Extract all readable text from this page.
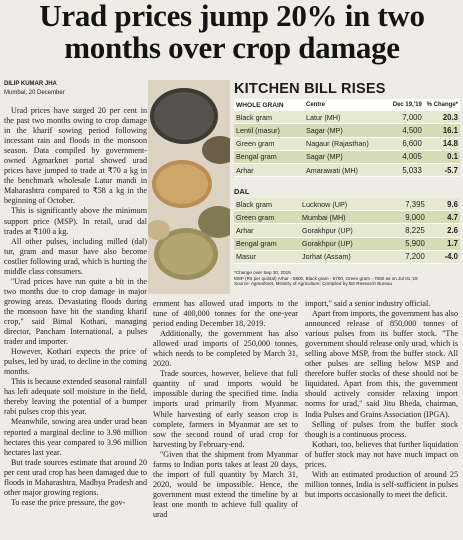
Urad prices jump 20% in two months over crop damage
DILIP KUMAR JHA
Mumbai, 20 December

Urad prices have surged 20 per cent in the past two months owing to crop damage in the kharif sowing period following incessant rain and floods in the monsoon season. Data compiled by government-owned Agmarknet portal showed urad prices have jumped to trade at ₹70 a kg in the benchmark wholesale Latur mandi in Maharashtra compared to ₹58 a kg in the beginning of October.

This is significantly above the minimum support price (MSP). In retail, urad dal trades at ₹100 a kg.

All other pulses, including milled (dal) tur, gram and masur have also become costlier following urad, which is hurting the middle class consumers.

"Urad prices have run quite a bit in the two months due to crop damage in major growing areas. Devastating floods during the monsoon have hit the standing kharif crop," said Bimal Kothari, managing director, Pancham International, a pulses trader and importer.

However, Kothari expects the price of pulses, led by urad, to decline in the coming months.

This is because extended seasonal rainfall has left adequate soil moisture in the field, thereby leaving the potential of a bumper rabi pulses crop this year.

Meanwhile, sowing area under urad bean reported a marginal decline to 3.98 million hectares this year compared to 3.96 million hectares last year.

But trade sources estimate that around 20 per cent urad crop has been damaged due to floods in Maharashtra, Madhya Pradesh and other major growing regions.

To ease the price pressure, the gov-

KITCHEN BILL RISES
WHOLE GRAIN	Centre	Dec 19,'19	% Change*
Black gram	Latur (MH)	7,000	20.3
Lentil (masur)	Sagar (MP)	4,500	16.1
Green gram	Nagaur (Rajasthan)	6,600	14.8
Bengal gram	Sagar (MP)	4,005	0.1
Arhar	Amarawati (MH)	5,033	-5.7
DAL

Black gram	Lucknow (UP)	7,395	9.6
Green gram	Mumbai (MH)	9,000	4.7
Arhar	Gorakhpur (UP)	8,225	2.6
Bengal gram	Gorakhpur (UP)	5,900	1.7
Masur	Jorhat (Assam)	7,200	-4.0
*Change over Sep 30, 2019
MSP (Rs per quintal) Arhar - 5800, Black gram - 5700, Green gram - 7050 as on Jul 01,'19
Source: Agmarknet, Ministry of Agriculture; Compiled by BS Research Bureau

ernment has allowed urad imports to the tune of 400,000 tonnes for the one-year period ending December 18, 2019.

Additionally, the government has also allowed urad imports of 250,000 tonnes, which needs to be completed by March 31, 2020.

Trade sources, however, believe that full quantity of urad imports would be impossible during the specified time. India imports urad primarily from Myanmar. While harvesting of early season crop is complete, farmers in Myanmar are set to sow the second round of urad crop for harvesting by February-end.

"Given that the shipment from Myanmar farms to Indian ports takes at least 20 days, the import of full quantity by March 31, 2020, would be impossible. Hence, the government must extend the timeline by at least one month to achieve full quality of urad

import," said a senior industry official.

Apart from imports, the government has also announced release of 850,000 tonnes of various pulses from its buffer stock. "The government should release only urad, which is selling above MSP, from the buffer stock. All other pulses are selling below MSP and therefore buffer stocks of these should not be liquidated. Apart from this, the government should actively consider relaxing import norms for urad," said Jitu Bheda, chairman, India Pulses and Grains Association (IPGA).

Selling of pulses from the buffer stock though is a continuous process.

Kothari, too, believes that further liquidation of buffer stock may not have much impact on prices.

With an estimated production of around 25 million tonnes, India is self-sufficient in pulses but imports occasionally to meet the deficit.
